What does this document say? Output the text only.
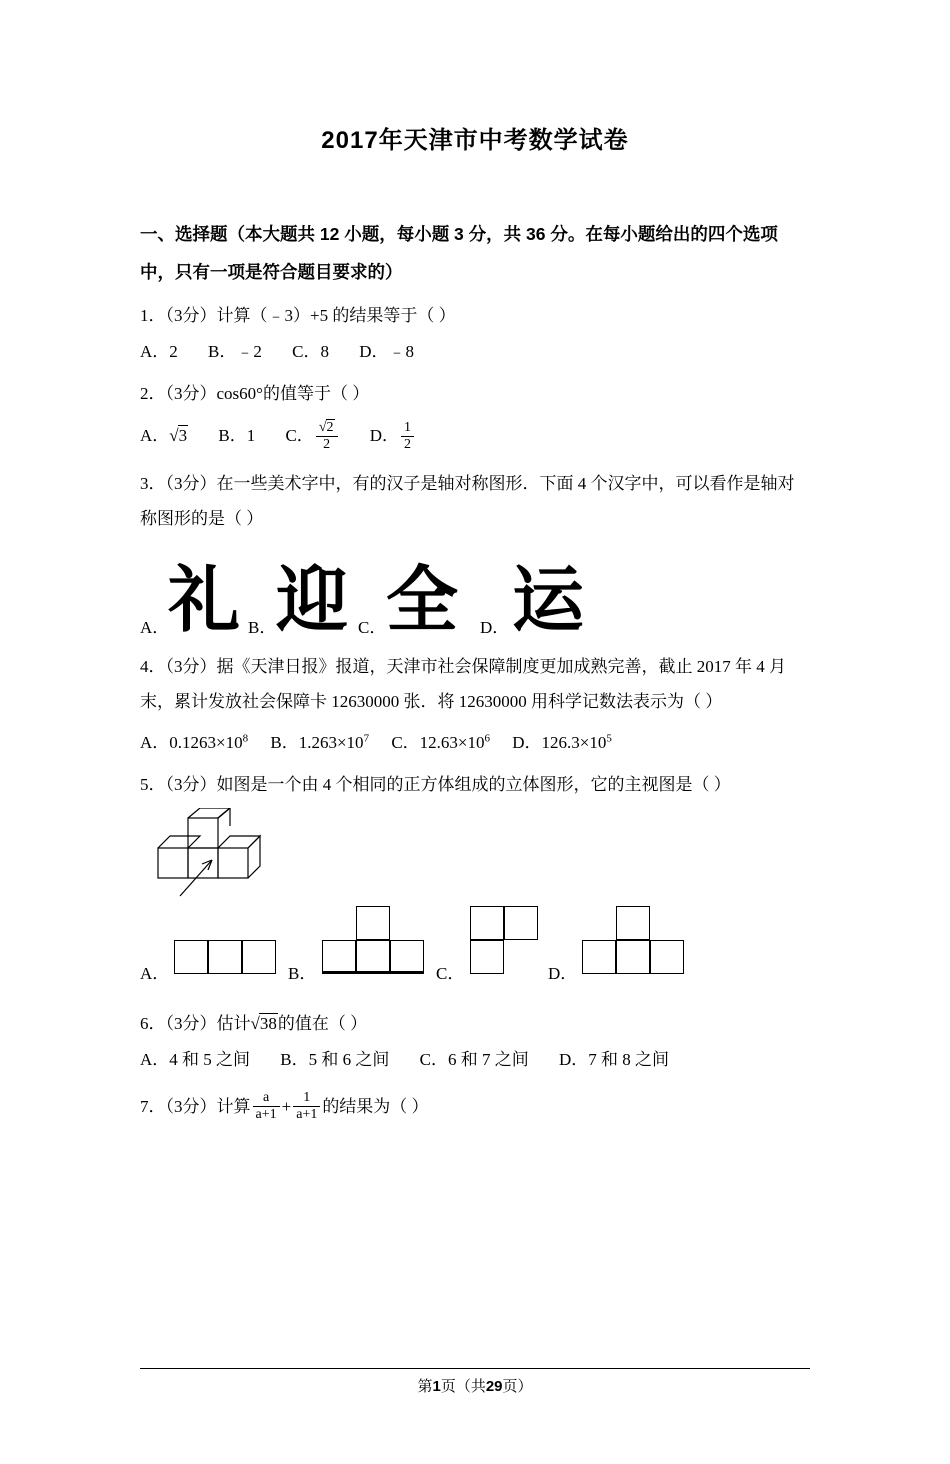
2017年天津市中考数学试卷
一、选择题（本大题共 12 小题，每小题 3 分，共 36 分。在每小题给出的四个选项中，只有一项是符合题目要求的）
1．（3分）计算（﹣3）+5 的结果等于（ ）
A．2 B．﹣2 C．8 D．﹣8
2．（3分）cos60°的值等于（ ）
A．√3 B．1 C． $\frac{√2}{2}$ D． $\frac{1}{2}$
3．（3分）在一些美术字中，有的汉子是轴对称图形．下面 4 个汉字中，可以看作是轴对称图形的是（ ）
A．
礼 B． 迎 C． 全 D． 运
4．（3分）据《天津日报》报道，天津市社会保障制度更加成熟完善，截止 2017 年 4 月末，累计发放社会保障卡 12630000 张．将 12630000 用科学记数法表示为（ ）
A．$0.1263\times 10^8$ B．$1.263\times 10^7$ C．$12.63\times 10^6$ D．$126.3\times 10^5$
5．（3分）如图是一个由 4 个相同的正方体组成的立体图形，它的主视图是（ ）
A．	B．	C．	D．
6．（3分）估计√38的值在（ ）
A．4 和 5 之间 B．5 和 6 之间 C．6 和 7 之间 D．7 和 8 之间
7．（3分）计算 $\frac{a}{a+1} + \frac{1}{a+1}$ 的结果为（ ）
第1页（共29页）
